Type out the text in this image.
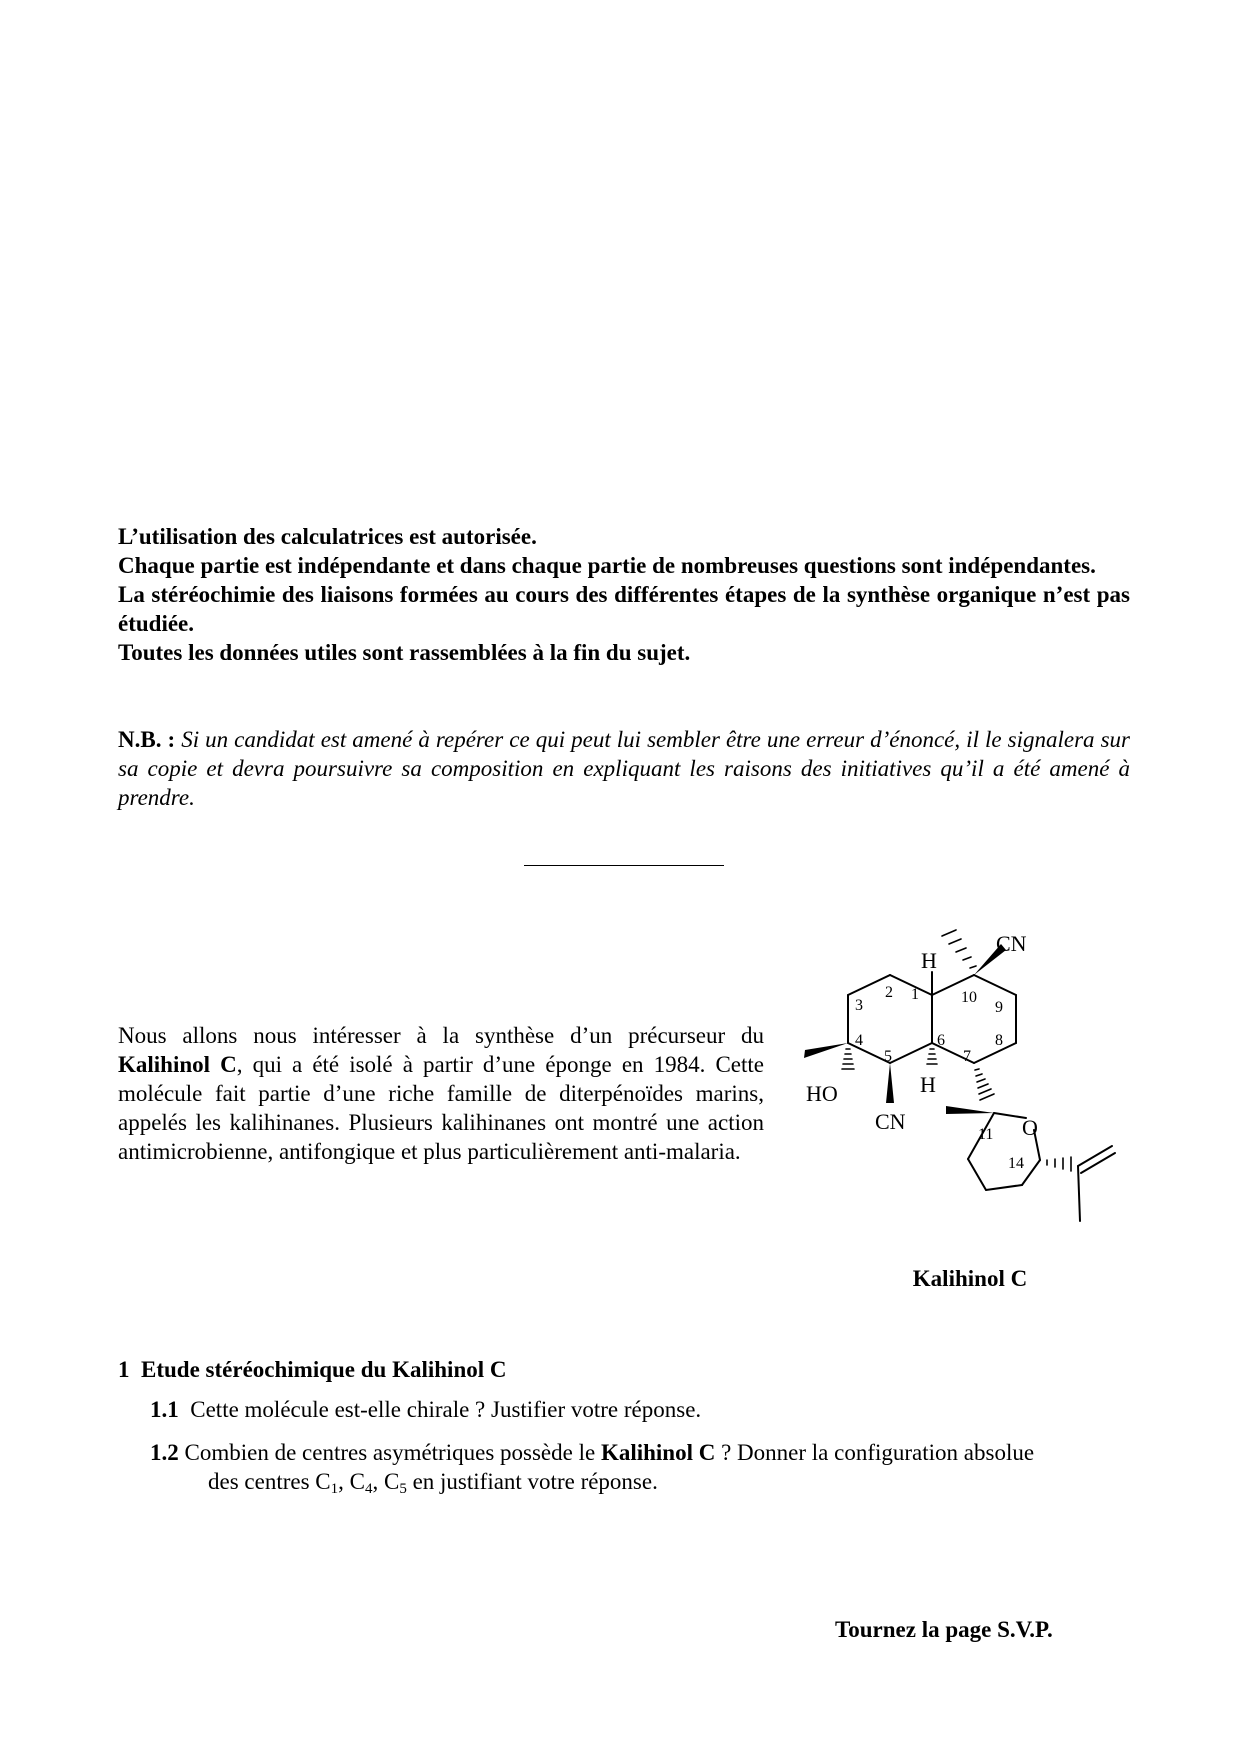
L’utilisation des calculatrices est autorisée.
Chaque partie est indépendante et dans chaque partie de nombreuses questions sont indépendantes.
La stéréochimie des liaisons formées au cours des différentes étapes de la synthèse organique n’est pas étudiée.
Toutes les données utiles sont rassemblées à la fin du sujet.
N.B. : Si un candidat est amené à repérer ce qui peut lui sembler être une erreur d’énoncé, il le signalera sur sa copie et devra poursuivre sa composition en expliquant les raisons des initiatives qu’il a été amené à prendre.
Nous allons nous intéresser à la synthèse d’un précurseur du Kalihinol C, qui a été isolé à partir d’une éponge en 1984. Cette molécule fait partie d’une riche famille de diterpénoïdes marins, appelés les kalihinanes. Plusieurs kalihinanes ont montré une action antimicrobienne, antifongique et plus particulièrement anti-malaria.
H
CN
HO	H
CN	O
1
2
3
4
5
6
7
8
9
10
11
14
Kalihinol C
1 Etude stéréochimique du Kalihinol C
1.1 Cette molécule est-elle chirale ? Justifier votre réponse.
1.2 Combien de centres asymétriques possède le Kalihinol C ? Donner la configuration absolue
des centres $C_1$, $C_4$, $C_5$ en justifiant votre réponse.
Tournez la page S.V.P.
